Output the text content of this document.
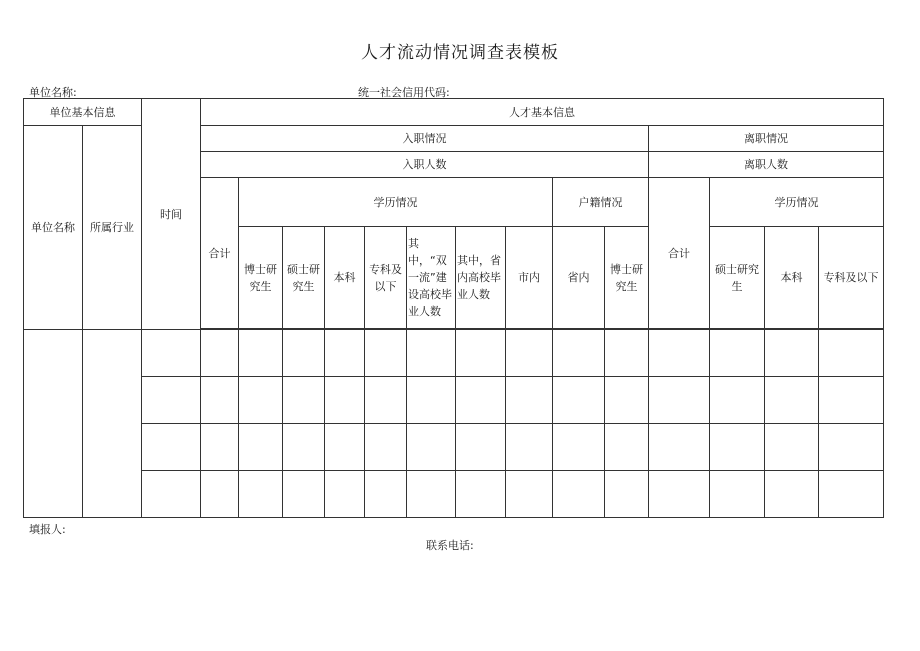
人才流动情况调查表模板
单位名称:	统一社会信用代码:
单位基本信息		时间	人才基本信息													
单位名称	所属行业		入职情况										离职情况			
			入职人数										离职人数			
			合计	学历情况							户籍情况		合计	学历情况		
				博士研究生	硕士研究生	本科	专科及以下	其中，“双一流”建设高校毕业人数	其中，省内高校毕业人数	市内	省内	博士研究生		硕士研究生	本科	专科及以下

填报人:
联系电话:
